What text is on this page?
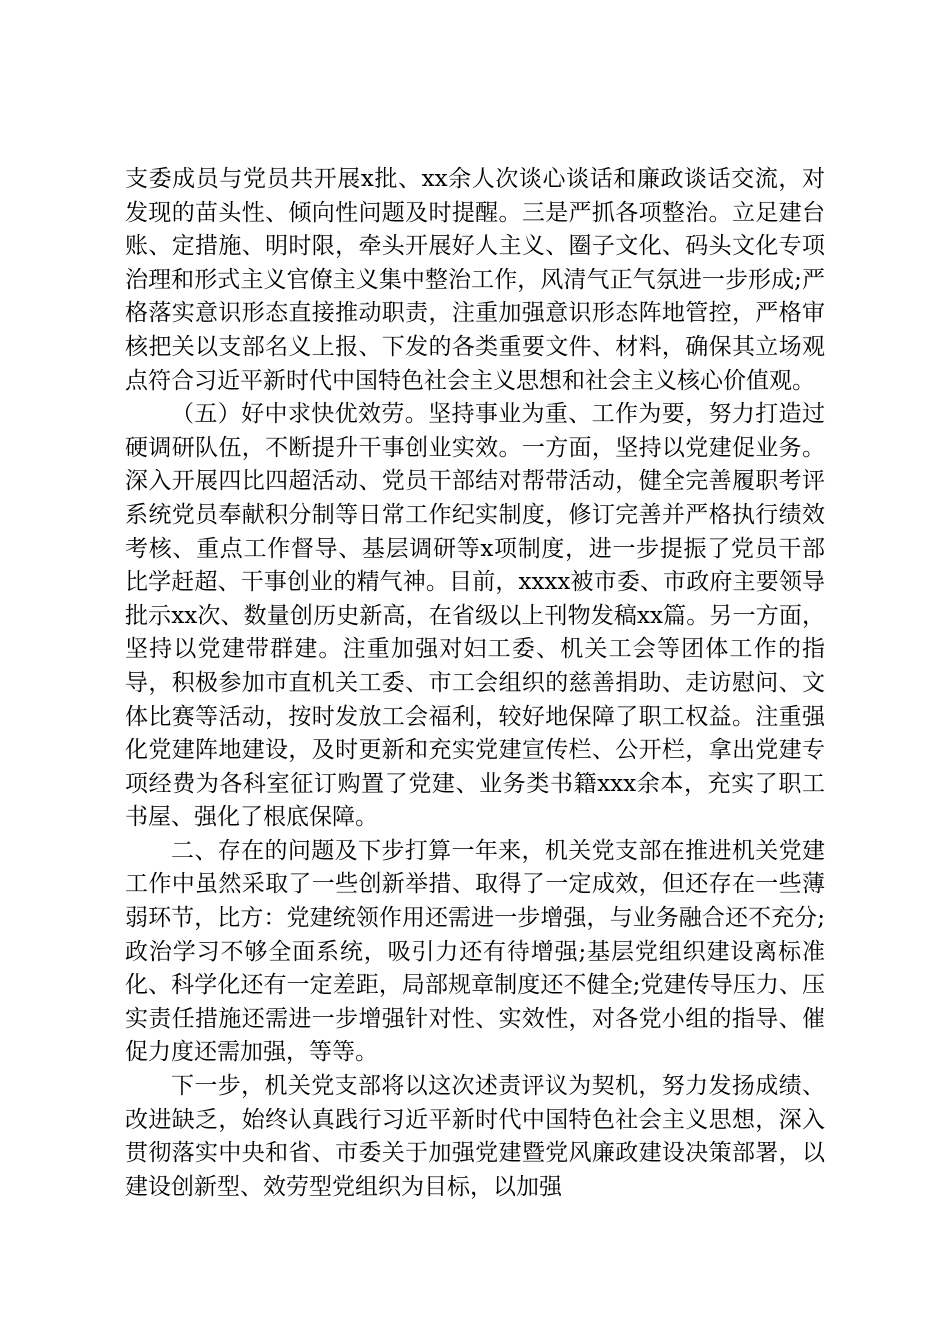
支委成员与党员共开展x批、xx余人次谈心谈话和廉政谈话交流，对发现的苗头性、倾向性问题及时提醒。三是严抓各项整治。立足建台账、定措施、明时限，牵头开展好人主义、圈子文化、码头文化专项治理和形式主义官僚主义集中整治工作，风清气正气氛进一步形成;严格落实意识形态直接推动职责，注重加强意识形态阵地管控，严格审核把关以支部名义上报、下发的各类重要文件、材料，确保其立场观点符合习近平新时代中国特色社会主义思想和社会主义核心价值观。

（五）好中求快优效劳。坚持事业为重、工作为要，努力打造过硬调研队伍，不断提升干事创业实效。一方面，坚持以党建促业务。深入开展四比四超活动、党员干部结对帮带活动，健全完善履职考评系统党员奉献积分制等日常工作纪实制度，修订完善并严格执行绩效考核、重点工作督导、基层调研等x项制度，进一步提振了党员干部比学赶超、干事创业的精气神。目前，xxxx被市委、市政府主要领导批示xx次、数量创历史新高，在省级以上刊物发稿xx篇。另一方面，坚持以党建带群建。注重加强对妇工委、机关工会等团体工作的指导，积极参加市直机关工委、市工会组织的慈善捐助、走访慰问、文体比赛等活动，按时发放工会福利，较好地保障了职工权益。注重强化党建阵地建设，及时更新和充实党建宣传栏、公开栏，拿出党建专项经费为各科室征订购置了党建、业务类书籍xxx余本，充实了职工书屋、强化了根底保障。

二、存在的问题及下步打算一年来，机关党支部在推进机关党建工作中虽然采取了一些创新举措、取得了一定成效，但还存在一些薄弱环节，比方：党建统领作用还需进一步增强，与业务融合还不充分;政治学习不够全面系统，吸引力还有待增强;基层党组织建设离标准化、科学化还有一定差距，局部规章制度还不健全;党建传导压力、压实责任措施还需进一步增强针对性、实效性，对各党小组的指导、催促力度还需加强，等等。

下一步，机关党支部将以这次述责评议为契机，努力发扬成绩、改进缺乏，始终认真践行习近平新时代中国特色社会主义思想，深入贯彻落实中央和省、市委关于加强党建暨党风廉政建设决策部署，以建设创新型、效劳型党组织为目标，以加强
